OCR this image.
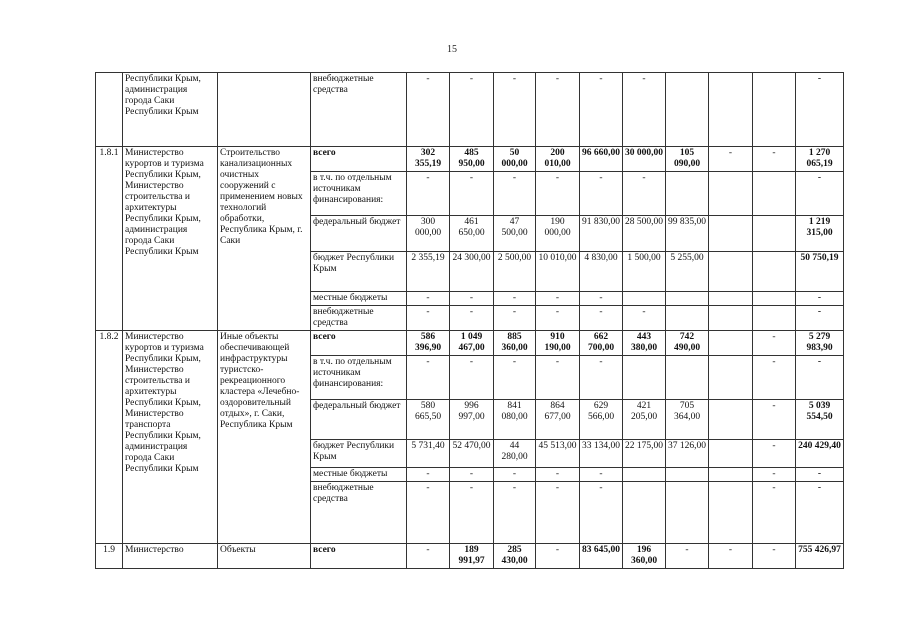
15
	Республики Крым, администрация города Саки Республики Крым		внебюджетные средства	-	-	-	-	-	-				-
1.8.1	Министерство курортов и туризма Республики Крым, Министерство строительства и архитектуры Республики Крым, администрация города Саки Республики Крым	Строительство канализационных очистных сооружений с применением новых технологий обработки, Республика Крым, г. Саки	всего	302 355,19	485 950,00	50 000,00	200 010,00	96 660,00	30 000,00	105 090,00	-	-	1 270 065,19
			в т.ч. по отдельным источникам финансирования:	-	-	-	-	-	-				-
			федеральный бюджет	300 000,00	461 650,00	47 500,00	190 000,00	91 830,00	28 500,00	99 835,00			1 219 315,00
			бюджет Республики Крым	2 355,19	24 300,00	2 500,00	10 010,00	4 830,00	1 500,00	5 255,00			50 750,19
			местные бюджеты	-	-	-	-	-					-
			внебюджетные средства	-	-	-	-	-	-				-
1.8.2	Министерство курортов и туризма Республики Крым, Министерство строительства и архитектуры Республики Крым, Министерство транспорта Республики Крым, администрация города Саки Республики Крым	Иные объекты обеспечивающей инфраструктуры туристско-рекреационного кластера «Лечебно-оздоровительный отдых», г. Саки, Республика Крым	всего	586 396,90	1 049 467,00	885 360,00	910 190,00	662 700,00	443 380,00	742 490,00		-	5 279 983,90
			в т.ч. по отдельным источникам финансирования:	-	-	-	-	-				-	-
			федеральный бюджет	580 665,50	996 997,00	841 080,00	864 677,00	629 566,00	421 205,00	705 364,00		-	5 039 554,50
			бюджет Республики Крым	5 731,40	52 470,00	44 280,00	45 513,00	33 134,00	22 175,00	37 126,00		-	240 429,40
			местные бюджеты	-	-	-	-	-				-	-
			внебюджетные средства	-	-	-	-	-				-	-
1.9	Министерство	Объекты	всего	-	189 991,97	285 430,00	-	83 645,00	196 360,00	-	-	-	755 426,97
